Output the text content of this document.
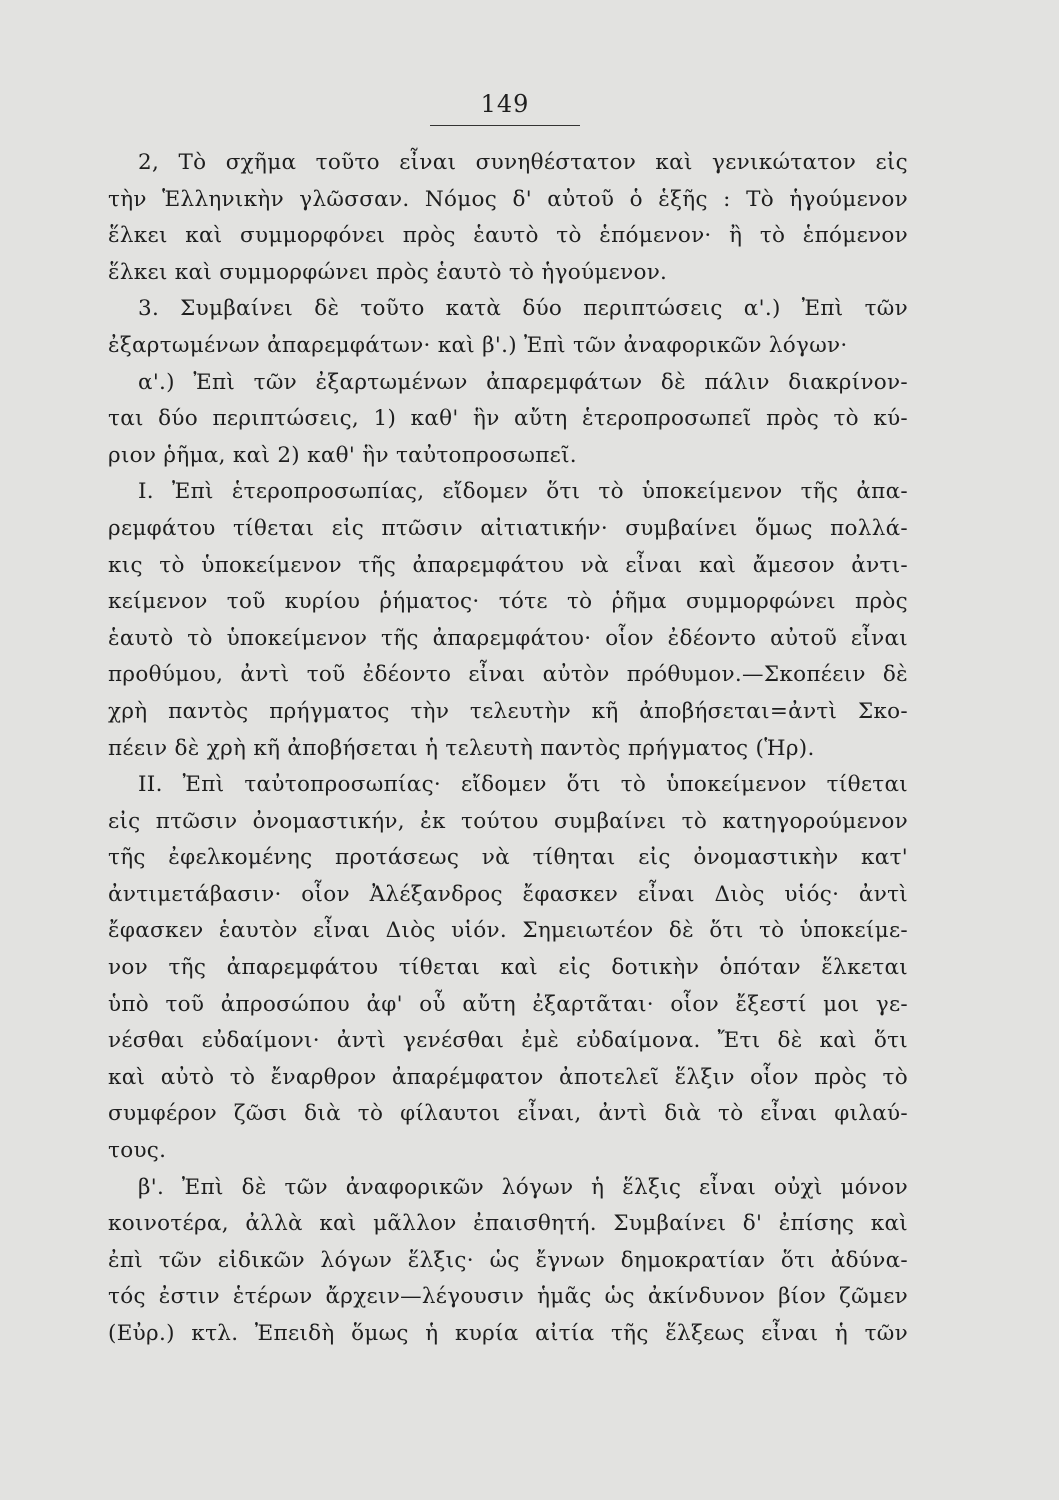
149
2, Τὸ σχῆμα τοῦτο εἶναι συνηθέστατον καὶ γενικώτατον εἰς
τὴν Ἑλληνικὴν γλῶσσαν. Νόμος δ' αὐτοῦ ὁ ἑξῆς : Τὸ ἡγούμενον
ἕλκει καὶ συμμορφόνει πρὸς ἑαυτὸ τὸ ἑπόμενον· ἢ τὸ ἑπόμενον
ἕλκει καὶ συμμορφώνει πρὸς ἑαυτὸ τὸ ἡγούμενον.
3. Συμβαίνει δὲ τοῦτο κατὰ δύο περιπτώσεις α'.) Ἐπὶ τῶν
ἐξαρτωμένων ἀπαρεμφάτων· καὶ β'.) Ἐπὶ τῶν ἀναφορικῶν λόγων·
α'.) Ἐπὶ τῶν ἐξαρτωμένων ἀπαρεμφάτων δὲ πάλιν διακρίνον-
ται δύο περιπτώσεις, 1) καθ' ἣν αὔτη ἑτεροπροσωπεῖ πρὸς τὸ κύ-
ριον ῥῆμα, καὶ 2) καθ' ἣν ταὐτοπροσωπεῖ.
I. Ἐπὶ ἑτεροπροσωπίας, εἴδομεν ὅτι τὸ ὑποκείμενον τῆς ἀπα-
ρεμφάτου τίθεται εἰς πτῶσιν αἰτιατικήν· συμβαίνει ὅμως πολλά-
κις τὸ ὑποκείμενον τῆς ἀπαρεμφάτου νὰ εἶναι καὶ ἄμεσον ἀντι-
κείμενον τοῦ κυρίου ῥήματος· τότε τὸ ῥῆμα συμμορφώνει πρὸς
ἑαυτὸ τὸ ὑποκείμενον τῆς ἀπαρεμφάτου· οἷον ἐδέοντο αὐτοῦ εἶναι
προθύμου, ἀντὶ τοῦ ἐδέοντο εἶναι αὐτὸν πρόθυμον.—Σκοπέειν δὲ
χρὴ παντὸς πρήγματος τὴν τελευτὴν κῆ ἀποβήσεται=ἀντὶ Σκο-
πέειν δὲ χρὴ κῆ ἀποβήσεται ἡ τελευτὴ παντὸς πρήγματος (Ἡρ).
II. Ἐπὶ ταὐτοπροσωπίας· εἴδομεν ὅτι τὸ ὑποκείμενον τίθεται
εἰς πτῶσιν ὀνομαστικήν, ἐκ τούτου συμβαίνει τὸ κατηγορούμενον
τῆς ἐφελκομένης προτάσεως νὰ τίθηται εἰς ὀνομαστικὴν κατ'
ἀντιμετάβασιν· οἷον Ἀλέξανδρος ἔφασκεν εἶναι Διὸς υἱός· ἀντὶ
ἔφασκεν ἑαυτὸν εἶναι Διὸς υἱόν. Σημειωτέον δὲ ὅτι τὸ ὑποκείμε-
νον τῆς ἀπαρεμφάτου τίθεται καὶ εἰς δοτικὴν ὁπόταν ἕλκεται
ὑπὸ τοῦ ἀπροσώπου ἀφ' οὗ αὔτη ἐξαρτᾶται· οἷον ἔξεστί μοι γε-
νέσθαι εὐδαίμονι· ἀντὶ γενέσθαι ἐμὲ εὐδαίμονα. Ἔτι δὲ καὶ ὅτι
καὶ αὐτὸ τὸ ἔναρθρον ἀπαρέμφατον ἀποτελεῖ ἕλξιν οἷον πρὸς τὸ
συμφέρον ζῶσι διὰ τὸ φίλαυτοι εἶναι, ἀντὶ διὰ τὸ εἶναι φιλαύ-
τους.
β'. Ἐπὶ δὲ τῶν ἀναφορικῶν λόγων ἡ ἕλξις εἶναι οὐχὶ μόνον
κοινοτέρα, ἀλλὰ καὶ μᾶλλον ἐπαισθητή. Συμβαίνει δ' ἐπίσης καὶ
ἐπὶ τῶν εἰδικῶν λόγων ἕλξις· ὡς ἔγνων δημοκρατίαν ὅτι ἀδύνα-
τός ἐστιν ἑτέρων ἄρχειν—λέγουσιν ἡμᾶς ὡς ἀκίνδυνον βίον ζῶμεν
(Εὐρ.) κτλ. Ἐπειδὴ ὅμως ἡ κυρία αἰτία τῆς ἕλξεως εἶναι ἡ τῶν
